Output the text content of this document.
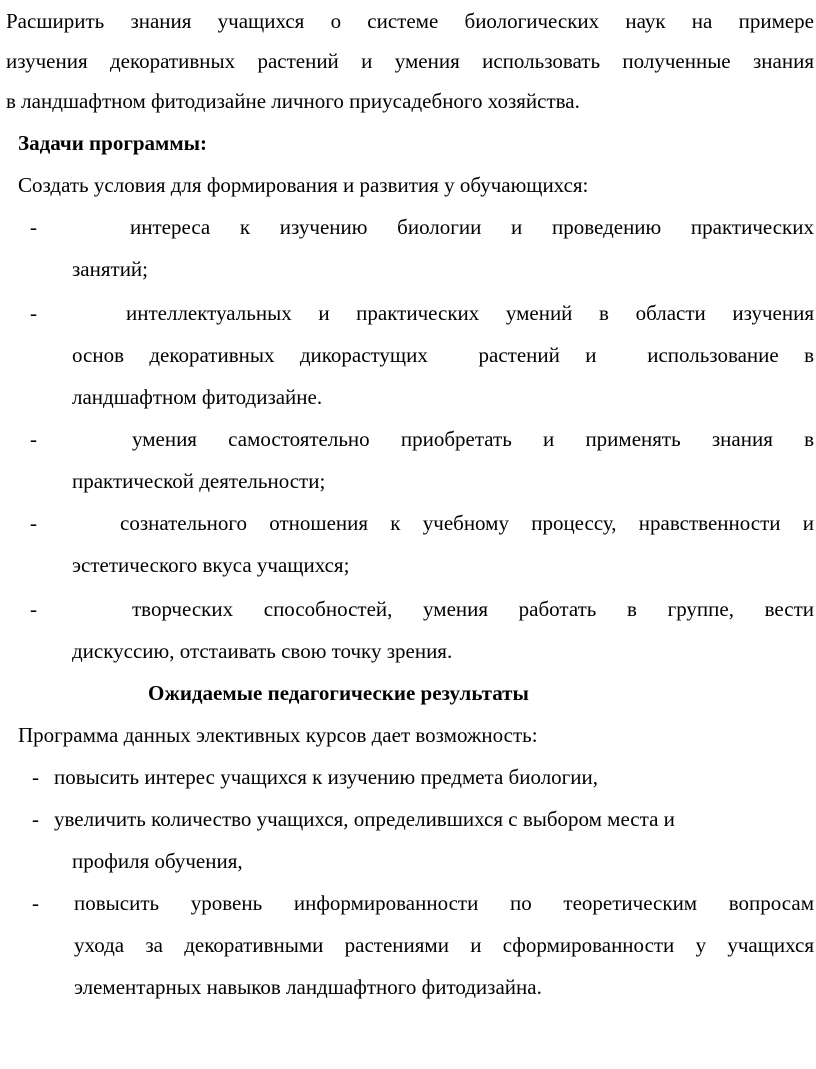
Расширить знания учащихся о системе биологических наук на примере
изучения декоративных растений и умения использовать полученные знания
в ландшафтном фитодизайне личного приусадебного хозяйства.
Задачи программы:
Создать условия для формирования и развития у обучающихся:
-	интереса к изучению биологии и проведению практических
занятий;
-	интеллектуальных и практических умений в области изучения
основ декоративных дикорастущих  растений и  использование в
ландшафтном фитодизайне.
-	умения самостоятельно приобретать и применять знания в
практической деятельности;
-	сознательного отношения к учебному процессу, нравственности и
эстетического вкуса учащихся;
-	творческих способностей, умения работать в группе, вести
дискуссию, отстаивать свою точку зрения.
Ожидаемые педагогические результаты
Программа данных элективных курсов дает возможность:
- повысить интерес учащихся к изучению предмета биологии,
- увеличить количество учащихся, определившихся с выбором места и
профиля обучения,
- повысить уровень информированности по теоретическим вопросам
ухода за декоративными растениями и сформированности у учащихся
элементарных навыков ландшафтного фитодизайна.
